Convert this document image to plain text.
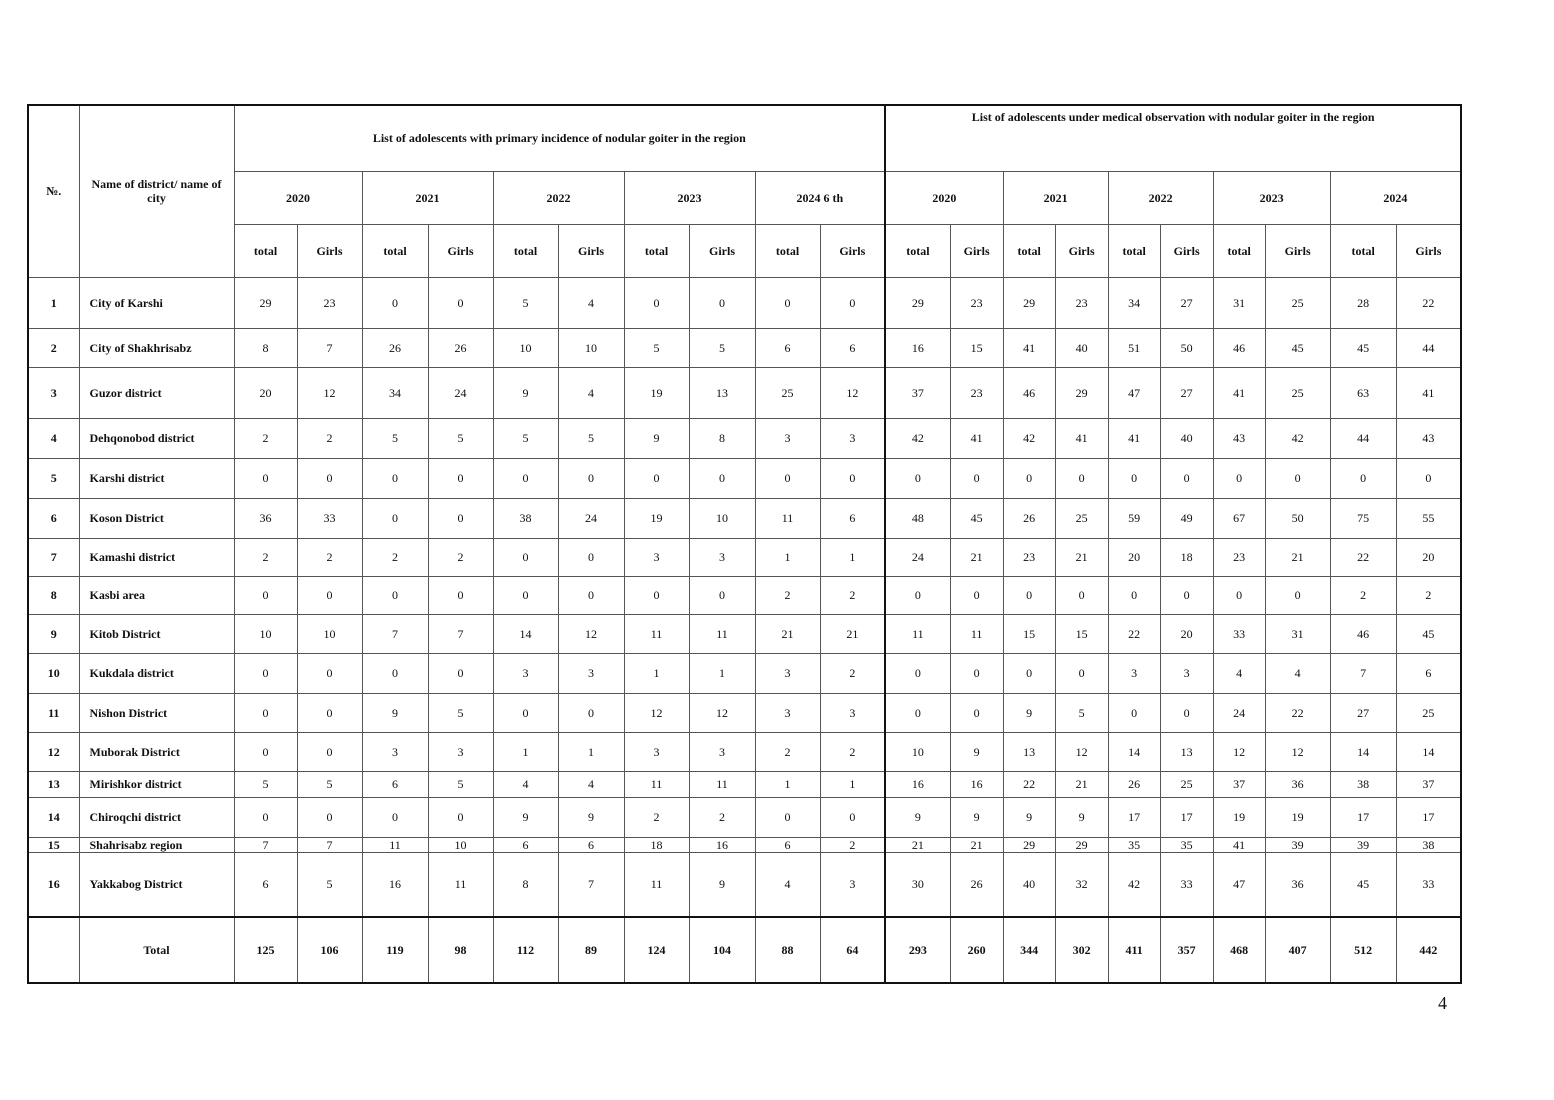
№.	Name of district/ name of city	List of adolescents with primary incidence of nodular goiter in the region										List of adolescents under medical observation with nodular goiter in the region									
		2020		2021		2022		2023		2024 6 th		2020		2021		2022		2023		2024	
		total	Girls	total	Girls	total	Girls	total	Girls	total	Girls	total	Girls	total	Girls	total	Girls	total	Girls	total	Girls
1	City of Karshi	29	23	0	0	5	4	0	0	0	0	29	23	29	23	34	27	31	25	28	22
2	City of Shakhrisabz	8	7	26	26	10	10	5	5	6	6	16	15	41	40	51	50	46	45	45	44
3	Guzor district	20	12	34	24	9	4	19	13	25	12	37	23	46	29	47	27	41	25	63	41
4	Dehqonobod district	2	2	5	5	5	5	9	8	3	3	42	41	42	41	41	40	43	42	44	43
5	Karshi district	0	0	0	0	0	0	0	0	0	0	0	0	0	0	0	0	0	0	0	0
6	Koson District	36	33	0	0	38	24	19	10	11	6	48	45	26	25	59	49	67	50	75	55
7	Kamashi district	2	2	2	2	0	0	3	3	1	1	24	21	23	21	20	18	23	21	22	20
8	Kasbi area	0	0	0	0	0	0	0	0	2	2	0	0	0	0	0	0	0	0	2	2
9	Kitob District	10	10	7	7	14	12	11	11	21	21	11	11	15	15	22	20	33	31	46	45
10	Kukdala district	0	0	0	0	3	3	1	1	3	2	0	0	0	0	3	3	4	4	7	6
11	Nishon District	0	0	9	5	0	0	12	12	3	3	0	0	9	5	0	0	24	22	27	25
12	Muborak District	0	0	3	3	1	1	3	3	2	2	10	9	13	12	14	13	12	12	14	14
13	Mirishkor district	5	5	6	5	4	4	11	11	1	1	16	16	22	21	26	25	37	36	38	37
14	Chiroqchi district	0	0	0	0	9	9	2	2	0	0	9	9	9	9	17	17	19	19	17	17
15	Shahrisabz region	7	7	11	10	6	6	18	16	6	2	21	21	29	29	35	35	41	39	39	38
16	Yakkabog District	6	5	16	11	8	7	11	9	4	3	30	26	40	32	42	33	47	36	45	33
	Total	125	106	119	98	112	89	124	104	88	64	293	260	344	302	411	357	468	407	512	442
4
